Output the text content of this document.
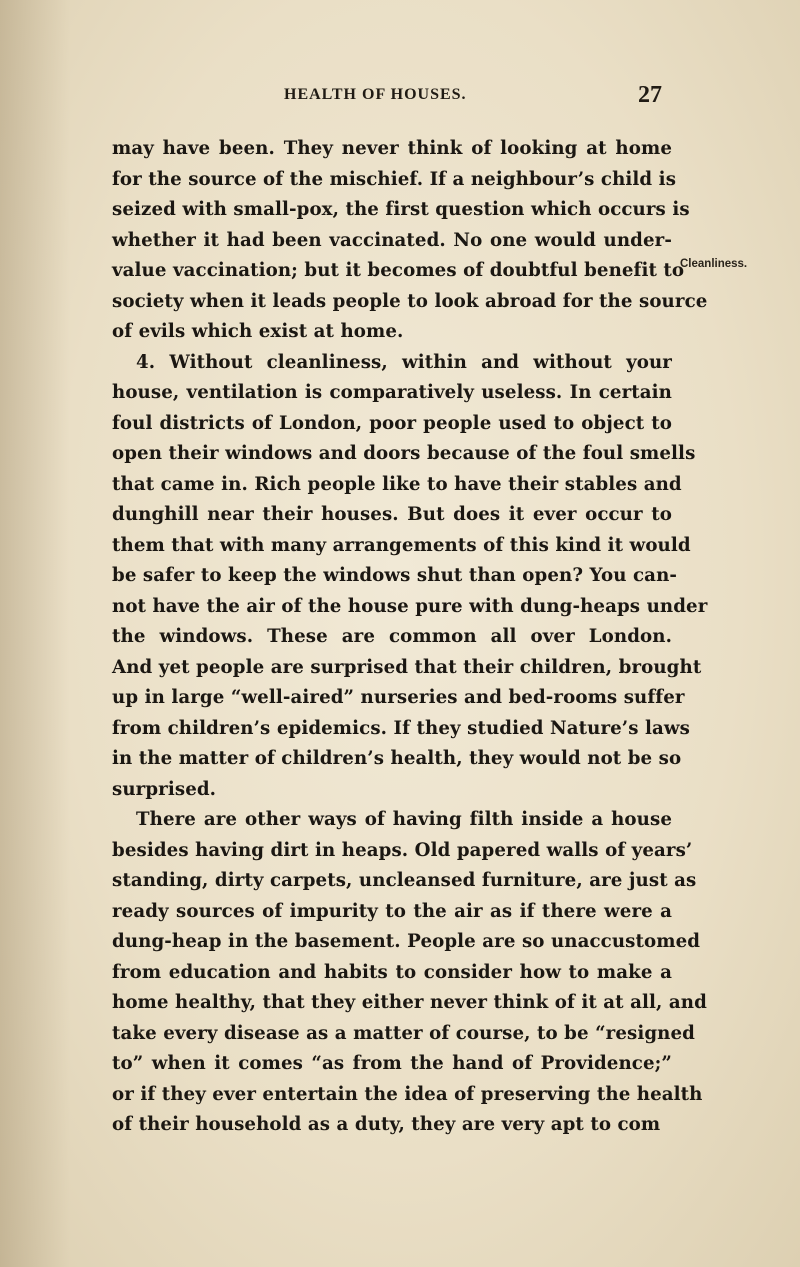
HEALTH OF HOUSES.	27
Cleanliness.
may have been. They never think of looking at home
for the source of the mischief. If a neighbour’s child is
seized with small-pox, the first question which occurs is
whether it had been vaccinated. No one would under-
value vaccination; but it becomes of doubtful benefit to
society when it leads people to look abroad for the source
of evils which exist at home.
4. Without cleanliness, within and without your
house, ventilation is comparatively useless. In certain
foul districts of London, poor people used to object to
open their windows and doors because of the foul smells
that came in. Rich people like to have their stables and
dunghill near their houses. But does it ever occur to
them that with many arrangements of this kind it would
be safer to keep the windows shut than open? You can-
not have the air of the house pure with dung-heaps under
the windows. These are common all over London.
And yet people are surprised that their children, brought
up in large “well-aired” nurseries and bed-rooms suffer
from children’s epidemics. If they studied Nature’s laws
in the matter of children’s health, they would not be so
surprised.
There are other ways of having filth inside a house
besides having dirt in heaps. Old papered walls of years’
standing, dirty carpets, uncleansed furniture, are just as
ready sources of impurity to the air as if there were a
dung-heap in the basement. People are so unaccustomed
from education and habits to consider how to make a
home healthy, that they either never think of it at all, and
take every disease as a matter of course, to be “resigned
to” when it comes “as from the hand of Providence;”
or if they ever entertain the idea of preserving the health
of their household as a duty, they are very apt to com
